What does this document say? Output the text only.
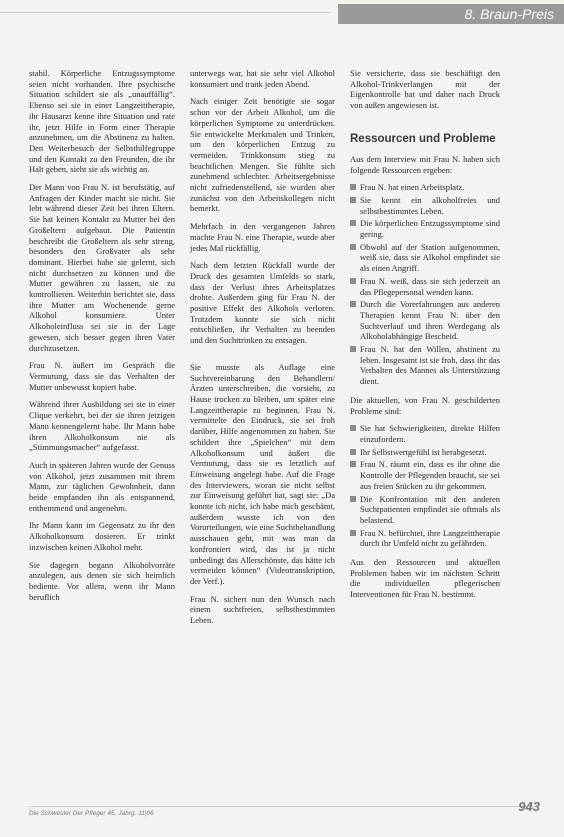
8. Braun-Preis

stabil. Körperliche Entzugssymptome seien nicht vorhanden. Ihre psychische Situation schildert sie als „unauffällig“. Ebenso sei sie in einer Langzeittherapie, ihr Hausarzt kenne ihre Situation und rate ihr, jetzt Hilfe in Form einer Therapie anzunehmen, um die Abstinenz zu halten. Den Weiterbesuch der Selbsthilfegruppe und den Kontakt zu den Freunden, die ihr Halt geben, sieht sie als wichtig an.

Der Mann von Frau N. ist berufstätig, auf Anfragen der Kinder macht sie nicht. Sie lebt während dieser Zeit bei ihren Eltern. Sie hat keinen Kontakt zu Mutter bei den Großeltern aufgebaut. Die Patientin beschreibt die Großeltern als sehr streng, besonders den Großvater als sehr dominant. Hierbei habe sie gelernt, sich nicht durchsetzen zu können und die Mutter gewähren zu lassen, sie zu kontrollieren. Weiterhin berichtet sie, dass ihre Mutter am Wochenende gerne Alkohol konsumiere. Unter Alkoholeinfluss sei sie in der Lage gewesen, sich besser gegen ihren Vater durchzusetzen.

Frau N. äußert im Gespräch die Vermutung, dass sie das Verhalten der Mutter unbewusst kopiert habe.

Während ihrer Ausbildung sei sie in einer Clique verkehrt, bei der sie ihren jetzigen Mann kennengelernt habe. Ihr Mann habe ihren Alkoholkonsum nie als „Stimmungsmacher“ aufgefasst.

Auch in späteren Jahren wurde der Genuss von Alkohol, jetzt zusammen mit ihrem Mann, zur täglichen Gewohnheit, dann beide empfanden ihn als entspannend, enthemmend und angenehm.

Ihr Mann kann im Gegensatz zu ihr den Alkoholkonsum dosieren. Er trinkt inzwischen keinen Alkohol mehr.

Sie dagegen begann Alkoholvorräte anzulegen, aus denen sie sich heimlich bediente. Vor allem, wenn ihr Mann beruflich

unterwegs war, hat sie sehr viel Alkohol konsumiert und trank jeden Abend.

Nach einiger Zeit benötigte sie sogar schon vor der Arbeit Alkohol, um die körperlichen Symptome zu unterdrücken. Sie entwickelte Merkmalen und Trinken, um den körperlichen Entzug zu vermeiden. Trinkkonsum stieg zu beachtlichen Mengen. Sie fühlte sich zunehmend schlechter. Arbeitsergebnisse nicht zufriedenstellend, sie wurden aber zunächst von den Arbeitskollegen nicht bemerkt.

Mehrfach in den vergangenen Jahren machte Frau N. eine Therapie, wurde aber jedes Mal rückfällig.

Nach dem letzten Rückfall wurde der Druck des gesamten Umfelds so stark, dass der Verlust ihres Arbeitsplatzes drohte. Außerdem ging für Frau N. der positive Effekt des Alkohols verloren. Trotzdem konnte sie sich nicht entschließen, ihr Verhalten zu beenden und den Suchttrinken zu entsagen.

Sie musste als Auflage eine Suchtvereinbarung den Behandlern/Ärzten unterschreiben, die vorsieht, zu Hause trocken zu bleiben, um später eine Langzeittherapie zu beginnen. Frau N. vermittelte den Eindruck, sie sei froh darüber, Hilfe angenommen zu haben. Sie schildert ihre „Spielchen“ mit dem Alkoholkonsum und äußert die Vermutung, dass sie es letztlich auf Einweisung angelegt habe. Auf die Frage des Interviewers, woran sie nicht selbst zur Einweisung geführt hat, sagt sie: „Da konnte ich nicht, ich habe mich geschämt, außerdem wusste ich von den Vorurteilungen, wie eine Suchtbehandlung ausschauen geht, mit was man da konfrontiert wird, das ist ja nicht unbedingt das Allerschönste, das hätte ich vermeiden können“ (Videotranskription, der Verf.).

Frau N. sichert nun den Wunsch nach einem suchtfreien, selbstbestimmten Leben.

Sie versicherte, dass sie beschäftigt den Alkohol-Trinkverlangen mit der Eigenkontrolle hat und daher nach Druck von außen angewiesen ist.

Ressourcen und Probleme

Aus dem Interview mit Frau N. haben sich folgende Ressourcen ergeben:

Frau N. hat einen Arbeitsplatz.
Sie kennt ein alkoholfreies und selbstbestimmtes Leben.
Die körperlichen Entzugssymptome sind gering.
Obwohl auf der Station aufgenommen, weiß sie, dass sie Alkohol empfindet sie als einen Angriff.
Frau N. weiß, dass sie sich jederzeit an das Pflegepersonal wenden kann.
Durch die Vorerfahrungen aus anderen Therapien kennt Frau N. über den Suchtverlauf und ihren Werdegang als Alkoholabhängige Bescheid.
Frau N. hat den Willen, abstinent zu leben. Insgesamt ist sie froh, dass ihr das Verhalten des Mannes als Unterstützung dient.

Die aktuellen, von Frau N. geschilderten Probleme sind:

Sie hat Schwierigkeiten, direkte Hilfen einzufordern.
Ihr Selbstwertgefühl ist herabgesetzt.
Frau N. räumt ein, dass es ihr ohne die Kontrolle der Pflegenden braucht, sie sei aus freien Stücken zu ihr gekommen.
Die Konfrontation mit den anderen Suchtpatienten empfindet sie oftmals als belastend.
Frau N. befürchtet, ihre Langzeittherapie durch ihr Umfeld nicht zu gefährden.

Aus den Ressourcen und aktuellen Problemen haben wir im nächsten Schritt die individuellen pflegerischen Interventionen für Frau N. bestimmt.

Die Schwester Der Pfleger 45. Jahrg. 11|06	943
